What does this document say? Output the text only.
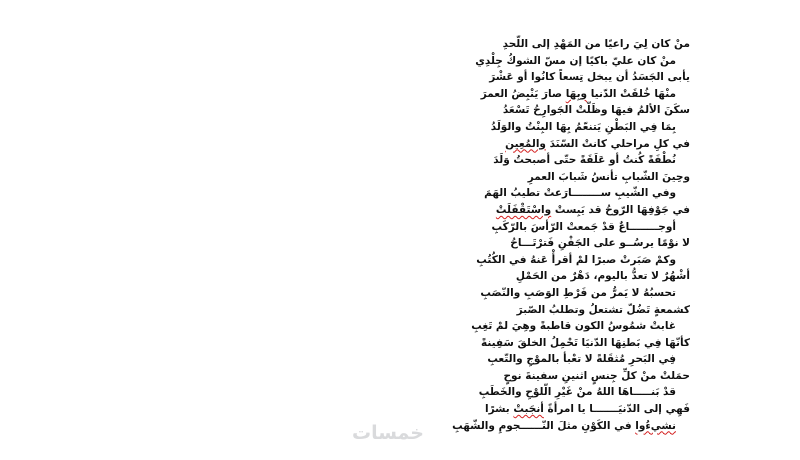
منْ كان لِيَ راعيًا من المَهْدِ إلى اللّحدِ
منْ كان عليّ باكيًا إن مسّ الشوكُ جِلْدِي
يأبى الجَسَدُ أن يبخل تِسعاً كانُوا أو عَشْرَ
منْهَا خُلقَتْ الدّنيا وبِهَا صارَ يَنْبِضُ العمرَ
سكَنَ الألمُ فيهَا وظَلّتْ الجَوارِحُ تَسْعَدُ
بِمَا فِي البَطْنِ يَتنعّمُ بِهَا البِنْتُ والوَلَدُ
في كلِ مراحلي كانتْ السّنَدَ والمُعِين
نُطْفَةً كُنتُ أو عَلَقَةً حتّى أصبحتُ وَلَدَ
وحِينَ الشّبابِ تأنسُ شَبابَ العمرِ
وفي الشّيبِ ســــــــارَعتْ تطيبُ الهَمَ
في جَوْفِهَا الرّوحُ قد يَبِستْ واسْتَقْفَلَتْ
أوجــــــــاعٌ قدْ جَمعتْ الرّأسَ بالرّكَبِ
لا نوْمًا يرسُــو على الجَفْنِ فَترْتَـــاحُ
وكمْ صَبَرتْ صبرًا لمْ أقرأْ عَنهُ في الكُتُبِ
أشْهُرٌ لا تعدُّ باليوم، دَهْرٌ من الحَمْلِ
تحسبُهُ لا يَمرُّ من فَرْطِ الوَصَبِ والنّصَبِ
كشمعةٍ تَضُلّ تشتعلُ وتطلبُ الصّبرَ
غابتْ شمُوسُ الكون قاطبةً وهِيَ لمْ تَغِبِ
كأنّهَا فِي بَطنِهَا الدّنيَا تَحْمِلُ الخلقَ سَفِينةً
فِي البَحرِ مُثقَلةً لا تعْبأ بالموْجِ والتّعبِ
حمَلتْ منْ كلِّ جِنسٍ اثنينِ سفينةَ نوحٍ
قدْ بَنـــــاهَا اللهُ منْ غَيْرِ الّلوْحِ والخَطَبِ
فَهِي إلى الدّنيَـــــــا يا امرأةً أنجَبتْ بشرًا
نشيءُوا في الكَوْنِ مثلَ النّــــــجومِ والشّهَبِ
خمسات
